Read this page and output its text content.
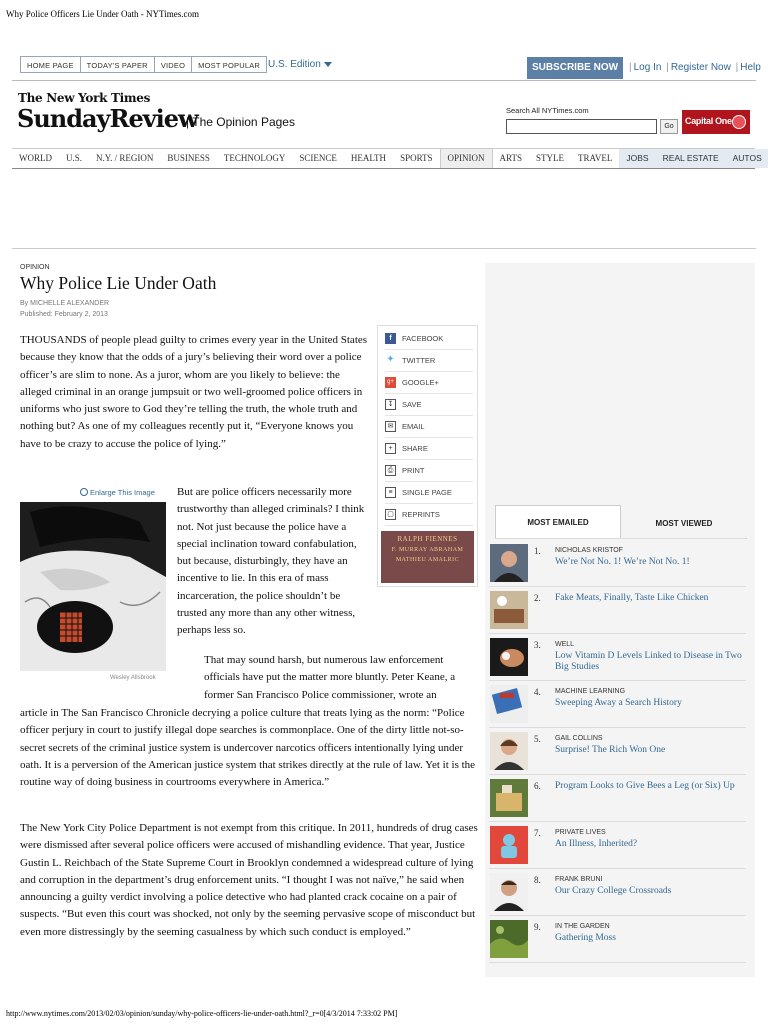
Why Police Officers Lie Under Oath - NYTimes.com
HOME PAGE	TODAY'S PAPER	VIDEO	MOST POPULAR U.S. Edition	SUBSCRIBE NOW	| Log In | Register Now | Help
The New York Times
SundayReview
| The Opinion Pages
Search All NYTimes.com
Go
Capital One
WORLD	U.S.	N.Y. / REGION	BUSINESS	TECHNOLOGY	SCIENCE	HEALTH	SPORTS	OPINION	ARTS	STYLE	TRAVEL	JOBS	REAL ESTATE	AUTOS
OPINION
Why Police Lie Under Oath
By MICHELLE ALEXANDER
Published: February 2, 2013

THOUSANDS of people plead guilty to crimes every year in the United States because they know that the odds of a jury’s believing their word over a police officer’s are slim to none. As a juror, whom are you likely to believe: the alleged criminal in an orange jumpsuit or two well-groomed police officers in uniforms who just swore to God they’re telling the truth, the whole truth and nothing but? As one of my colleagues recently put it, “Everyone knows you have to be crazy to accuse the police of lying.”

Enlarge This Image
Wesley Allsbrook

But are police officers necessarily more trustworthy than alleged criminals? I think not. Not just because the police have a special inclination toward confabulation, but because, disturbingly, they have an incentive to lie. In this era of mass incarceration, the police shouldn’t be trusted any more than any other witness, perhaps less so.

That may sound harsh, but numerous law enforcement officials have put the matter more bluntly. Peter Keane, a former San Francisco Police commissioner, wrote an

article in The San Francisco Chronicle decrying a police culture that treats lying as the norm: “Police officer perjury in court to justify illegal dope searches is commonplace. One of the dirty little not-so-secret secrets of the criminal justice system is undercover narcotics officers intentionally lying under oath. It is a perversion of the American justice system that strikes directly at the rule of law. Yet it is the routine way of doing business in courtrooms everywhere in America.”

The New York City Police Department is not exempt from this critique. In 2011, hundreds of drug cases were dismissed after several police officers were accused of mishandling evidence. That year, Justice Gustin L. Reichbach of the State Supreme Court in Brooklyn condemned a widespread culture of lying and corruption in the department’s drug enforcement units. “I thought I was not naïve,” he said when announcing a guilty verdict involving a police detective who had planted crack cocaine on a pair of suspects. “But even this court was shocked, not only by the seeming pervasive scope of misconduct but even more distressingly by the seeming casualness by which such conduct is employed.”

f	FACEBOOK
✦ TWITTER
g+ GOOGLE+
↧	SAVE
✉	EMAIL
+	SHARE
⎙	PRINT
≡	SINGLE PAGE
▢ REPRINTS
RALPH FIENNES
F. MURRAY ABRAHAM
MATHIEU AMALRIC
MOST EMAILED	MOST VIEWED
1. NICHOLAS KRISTOF
We’re Not No. 1! We’re Not No. 1!
2. Fake Meats, Finally, Taste Like Chicken
3. WELL
Low Vitamin D Levels Linked to Disease in Two Big Studies
4. MACHINE LEARNING
Sweeping Away a Search History
5. GAIL COLLINS
Surprise! The Rich Won One
6. Program Looks to Give Bees a Leg (or Six) Up
7. PRIVATE LIVES
An Illness, Inherited?
8. FRANK BRUNI
Our Crazy College Crossroads
9. IN THE GARDEN
Gathering Moss
http://www.nytimes.com/2013/02/03/opinion/sunday/why-police-officers-lie-under-oath.html?_r=0[4/3/2014 7:33:02 PM]
